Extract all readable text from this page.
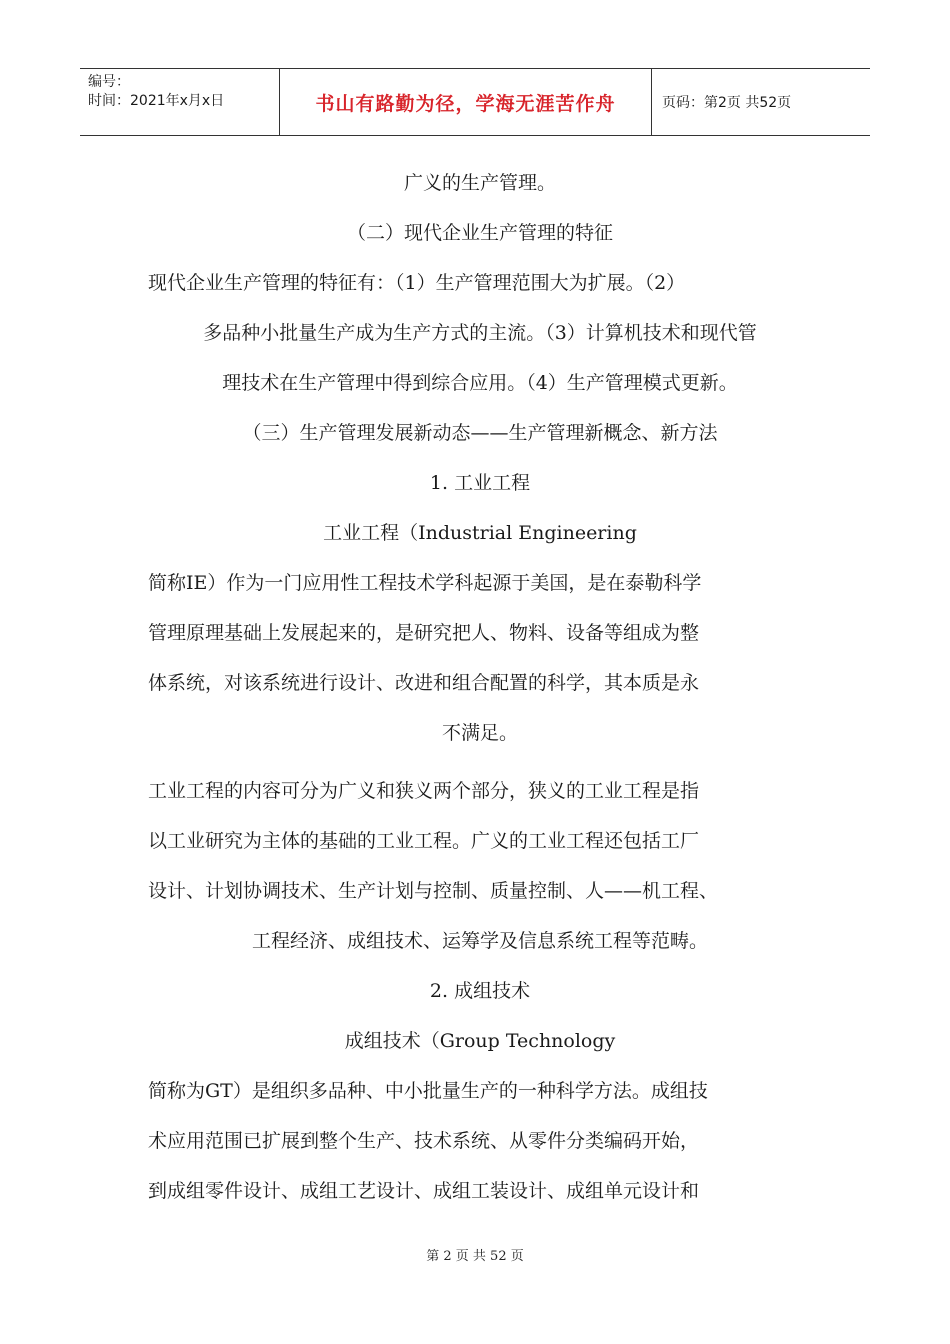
编号：
时间：2021年x月x日	书山有路勤为径，学海无涯苦作舟	页码：第2页 共52页
广义的生产管理。
（二）现代企业生产管理的特征
现代企业生产管理的特征有：（1）生产管理范围大为扩展。（2）
多品种小批量生产成为生产方式的主流。（3）计算机技术和现代管
理技术在生产管理中得到综合应用。（4）生产管理模式更新。
（三）生产管理发展新动态——生产管理新概念、新方法
1. 工业工程
工业工程（Industrial Engineering
简称IE）作为一门应用性工程技术学科起源于美国，是在泰勒科学
管理原理基础上发展起来的，是研究把人、物料、设备等组成为整
体系统，对该系统进行设计、改进和组合配置的科学，其本质是永
不满足。
工业工程的内容可分为广义和狭义两个部分，狭义的工业工程是指
以工业研究为主体的基础的工业工程。广义的工业工程还包括工厂
设计、计划协调技术、生产计划与控制、质量控制、人——机工程、
工程经济、成组技术、运筹学及信息系统工程等范畴。
2. 成组技术
成组技术（Group Technology
简称为GT）是组织多品种、中小批量生产的一种科学方法。成组技
术应用范围已扩展到整个生产、技术系统、从零件分类编码开始，
到成组零件设计、成组工艺设计、成组工装设计、成组单元设计和
第 2 页 共 52 页
